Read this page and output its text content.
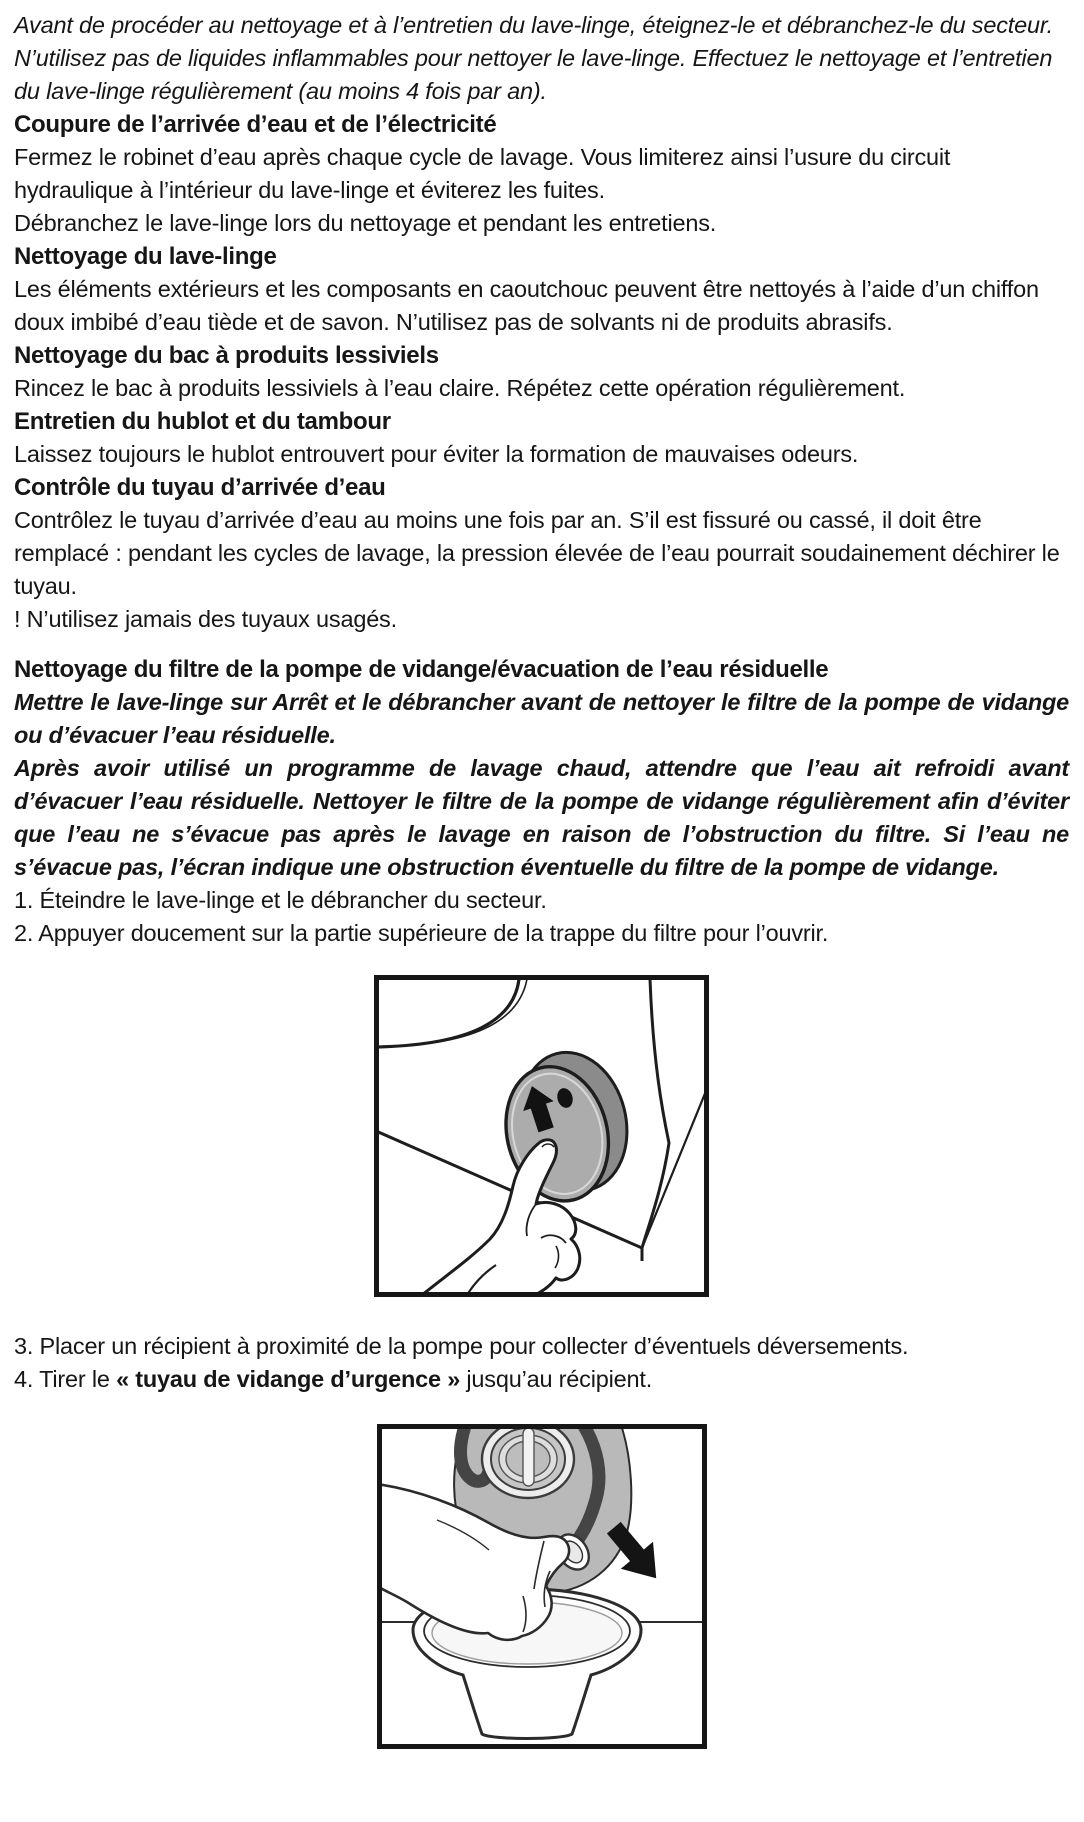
Avant de procéder au nettoyage et à l’entretien du lave-linge, éteignez-le et débranchez-le du secteur. N’utilisez pas de liquides inflammables pour nettoyer le lave-linge. Effectuez le nettoyage et l’entretien du lave-linge régulièrement (au moins 4 fois par an).

Coupure de l’arrivée d’eau et de l’électricité

Fermez le robinet d’eau après chaque cycle de lavage. Vous limiterez ainsi l’usure du circuit hydraulique à l’intérieur du lave-linge et éviterez les fuites.

Débranchez le lave-linge lors du nettoyage et pendant les entretiens.

Nettoyage du lave-linge

Les éléments extérieurs et les composants en caoutchouc peuvent être nettoyés à l’aide d’un chiffon doux imbibé d’eau tiède et de savon. N’utilisez pas de solvants ni de produits abrasifs.

Nettoyage du bac à produits lessiviels

Rincez le bac à produits lessiviels à l’eau claire. Répétez cette opération régulièrement.

Entretien du hublot et du tambour

Laissez toujours le hublot entrouvert pour éviter la formation de mauvaises odeurs.

Contrôle du tuyau d’arrivée d’eau

Contrôlez le tuyau d’arrivée d’eau au moins une fois par an. S’il est fissuré ou cassé, il doit être remplacé : pendant les cycles de lavage, la pression élevée de l’eau pourrait soudainement déchirer le tuyau.

! N’utilisez jamais des tuyaux usagés.

Nettoyage du filtre de la pompe de vidange/évacuation de l’eau résiduelle

Mettre le lave-linge sur Arrêt et le débrancher avant de nettoyer le filtre de la pompe de vidange ou d’évacuer l’eau résiduelle.

Après avoir utilisé un programme de lavage chaud, attendre que l’eau ait refroidi avant d’évacuer l’eau résiduelle. Nettoyer le filtre de la pompe de vidange régulièrement afin d’éviter que l’eau ne s’évacue pas après le lavage en raison de l’obstruction du filtre. Si l’eau ne s’évacue pas, l’écran indique une obstruction éventuelle du filtre de la pompe de vidange.

1. Éteindre le lave-linge et le débrancher du secteur.

2. Appuyer doucement sur la partie supérieure de la trappe du filtre pour l’ouvrir.

3. Placer un récipient à proximité de la pompe pour collecter d’éventuels déversements.

4. Tirer le « tuyau de vidange d’urgence » jusqu’au récipient.
